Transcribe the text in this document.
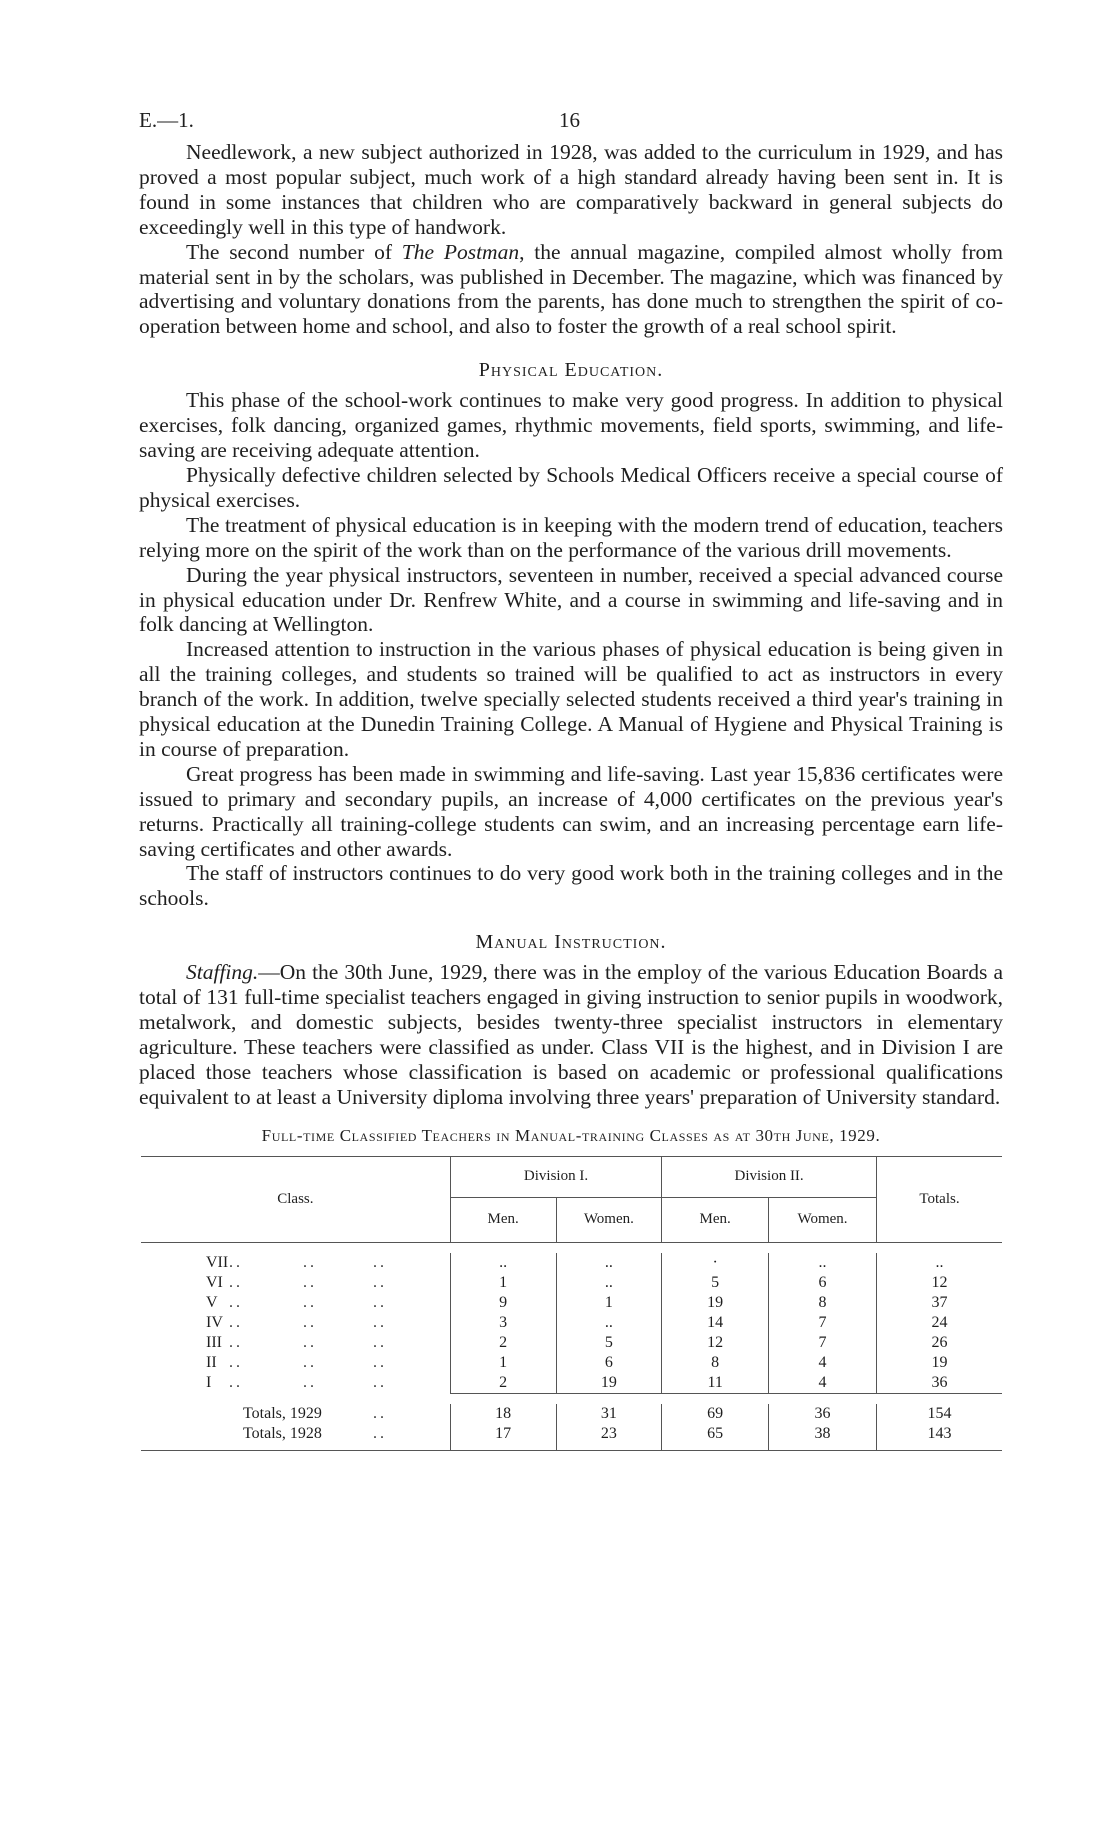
E.—1.	16

Needlework, a new subject authorized in 1928, was added to the curriculum in 1929, and has proved a most popular subject, much work of a high standard already having been sent in. It is found in some instances that children who are comparatively backward in general subjects do exceedingly well in this type of handwork.

The second number of The Postman, the annual magazine, compiled almost wholly from material sent in by the scholars, was published in December. The magazine, which was financed by advertising and voluntary donations from the parents, has done much to strengthen the spirit of co-operation between home and school, and also to foster the growth of a real school spirit.

Physical Education.

This phase of the school-work continues to make very good progress. In addition to physical exercises, folk dancing, organized games, rhythmic movements, field sports, swimming, and life-saving are receiving adequate attention.

Physically defective children selected by Schools Medical Officers receive a special course of physical exercises.

The treatment of physical education is in keeping with the modern trend of education, teachers relying more on the spirit of the work than on the performance of the various drill movements.

During the year physical instructors, seventeen in number, received a special advanced course in physical education under Dr. Renfrew White, and a course in swimming and life-saving and in folk dancing at Wellington.

Increased attention to instruction in the various phases of physical education is being given in all the training colleges, and students so trained will be qualified to act as instructors in every branch of the work. In addition, twelve specially selected students received a third year's training in physical education at the Dunedin Training College. A Manual of Hygiene and Physical Training is in course of preparation.

Great progress has been made in swimming and life-saving. Last year 15,836 certificates were issued to primary and secondary pupils, an increase of 4,000 certificates on the previous year's returns. Practically all training-college students can swim, and an increasing percentage earn life-saving certificates and other awards.

The staff of instructors continues to do very good work both in the training colleges and in the schools.

Manual Instruction.

Staffing.—On the 30th June, 1929, there was in the employ of the various Education Boards a total of 131 full-time specialist teachers engaged in giving instruction to senior pupils in woodwork, metalwork, and domestic subjects, besides twenty-three specialist instructors in elementary agriculture. These teachers were classified as under. Class VII is the highest, and in Division I are placed those teachers whose classification is based on academic or professional qualifications equivalent to at least a University diploma involving three years' preparation of University standard.

Full-time Classified Teachers in Manual-training Classes as at 30th June, 1929.
Class.	Division I.		Division II.		Totals.
	Men.	Women.	Men.	Women.	

VII .. .. ..	..	..	·	..	..
VI .. .. ..	1	..	5	6	12
V .. .. ..	9	1	19	8	37
IV .. .. ..	3	..	14	7	24
III .. .. ..	2	5	12	7	26
II .. .. ..	1	6	8	4	19
I .. .. ..	2	19	11	4	36

Totals, 1929 ..	18	31	69	36	154
Totals, 1928 ..	17	23	65	38	143
